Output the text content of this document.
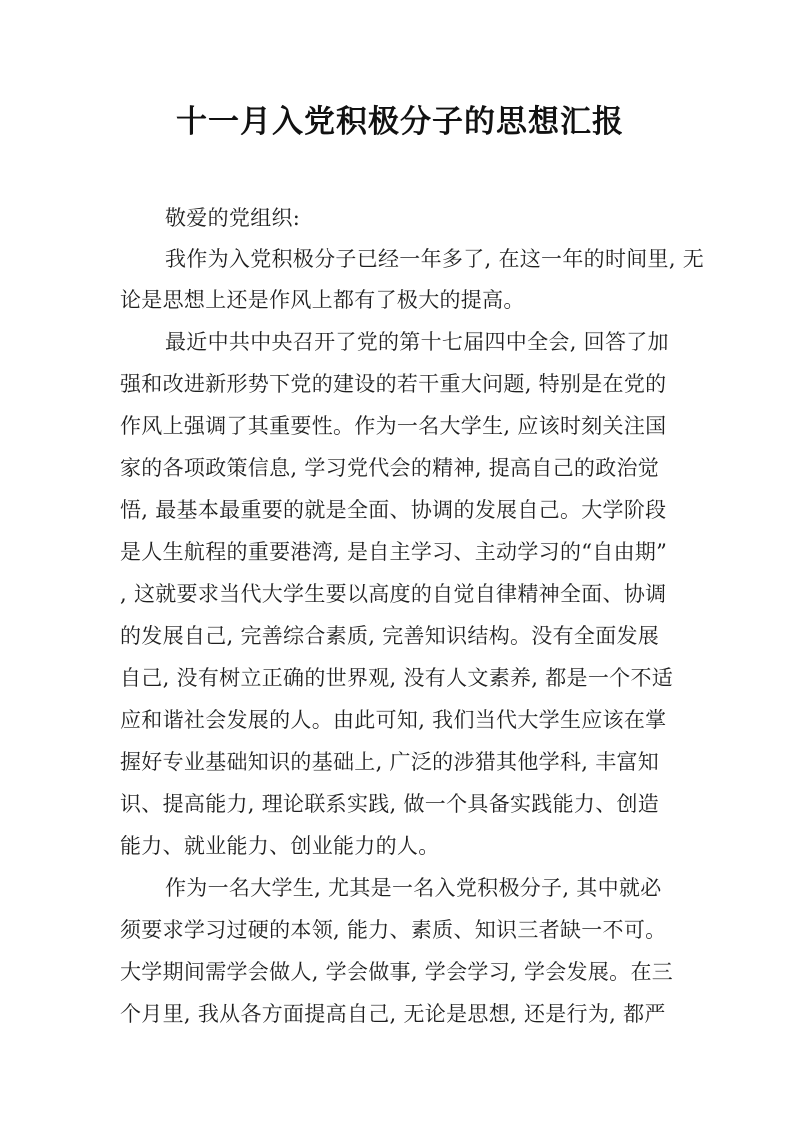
十一月入党积极分子的思想汇报
敬爱的党组织:
我作为入党积极分子已经一年多了, 在这一年的时间里, 无
论是思想上还是作风上都有了极大的提高。
最近中共中央召开了党的第十七届四中全会, 回答了加
强和改进新形势下党的建设的若干重大问题, 特别是在党的
作风上强调了其重要性。作为一名大学生, 应该时刻关注国
家的各项政策信息, 学习党代会的精神, 提高自己的政治觉
悟, 最基本最重要的就是全面、协调的发展自己。大学阶段
是人生航程的重要港湾, 是自主学习、主动学习的“自由期”
, 这就要求当代大学生要以高度的自觉自律精神全面、协调
的发展自己, 完善综合素质, 完善知识结构。没有全面发展
自己, 没有树立正确的世界观, 没有人文素养, 都是一个不适
应和谐社会发展的人。由此可知, 我们当代大学生应该在掌
握好专业基础知识的基础上, 广泛的涉猎其他学科, 丰富知
识、提高能力, 理论联系实践, 做一个具备实践能力、创造
能力、就业能力、创业能力的人。
作为一名大学生, 尤其是一名入党积极分子, 其中就必
须要求学习过硬的本领, 能力、素质、知识三者缺一不可。
大学期间需学会做人, 学会做事, 学会学习, 学会发展。在三
个月里, 我从各方面提高自己, 无论是思想, 还是行为, 都严
